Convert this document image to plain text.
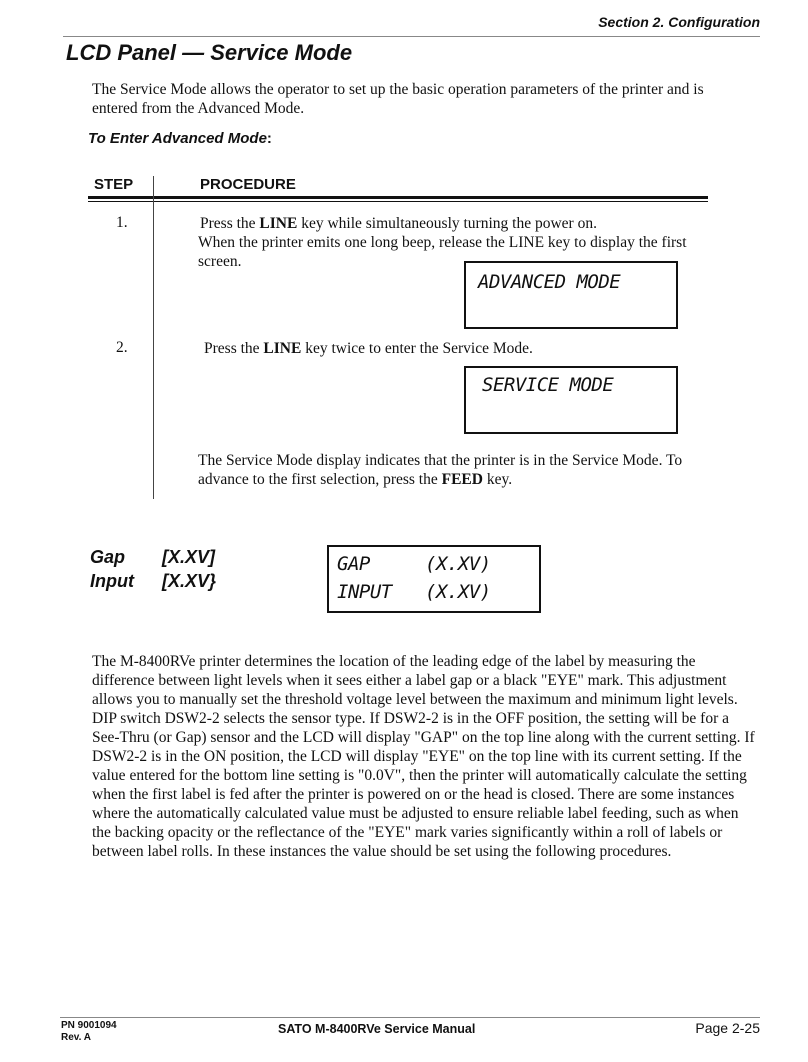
Section 2. Configuration
LCD Panel — Service Mode
The Service Mode allows the operator to set up the basic operation parameters of the printer and is entered from the Advanced Mode.
To Enter Advanced Mode:
STEP	PROCEDURE
1.	Press the LINE key while simultaneously turning the power on.
When the printer emits one long beep, release the LINE key to display the first screen.
ADVANCED MODE
2.	Press the LINE key twice to enter the Service Mode.
SERVICE MODE
The Service Mode display indicates that the printer is in the Service Mode. To advance to the first selection, press the FEED key.
Gap [X.XV]
Input [X.XV}
GAP	(X.XV)
INPUT (X.XV)
The M-8400RVe printer determines the location of the leading edge of the label by measuring the difference between light levels when it sees either a label gap or a black "EYE" mark. This adjustment allows you to manually set the threshold voltage level between the maximum and minimum light levels. DIP switch DSW2-2 selects the sensor type. If DSW2-2 is in the OFF position, the setting will be for a See-Thru (or Gap) sensor and the LCD will display "GAP" on the top line along with the current setting. If DSW2-2 is in the ON position, the LCD will display "EYE" on the top line with its current setting. If the value entered for the bottom line setting is "0.0V", then the printer will automatically calculate the setting when the first label is fed after the printer is powered on or the head is closed. There are some instances where the automatically calculated value must be adjusted to ensure reliable label feeding, such as when the backing opacity or the reflectance of the "EYE" mark varies significantly within a roll of labels or between label rolls. In these instances the value should be set using the following procedures.
PN 9001094
Rev. A
SATO M-8400RVe Service Manual	Page 2-25
